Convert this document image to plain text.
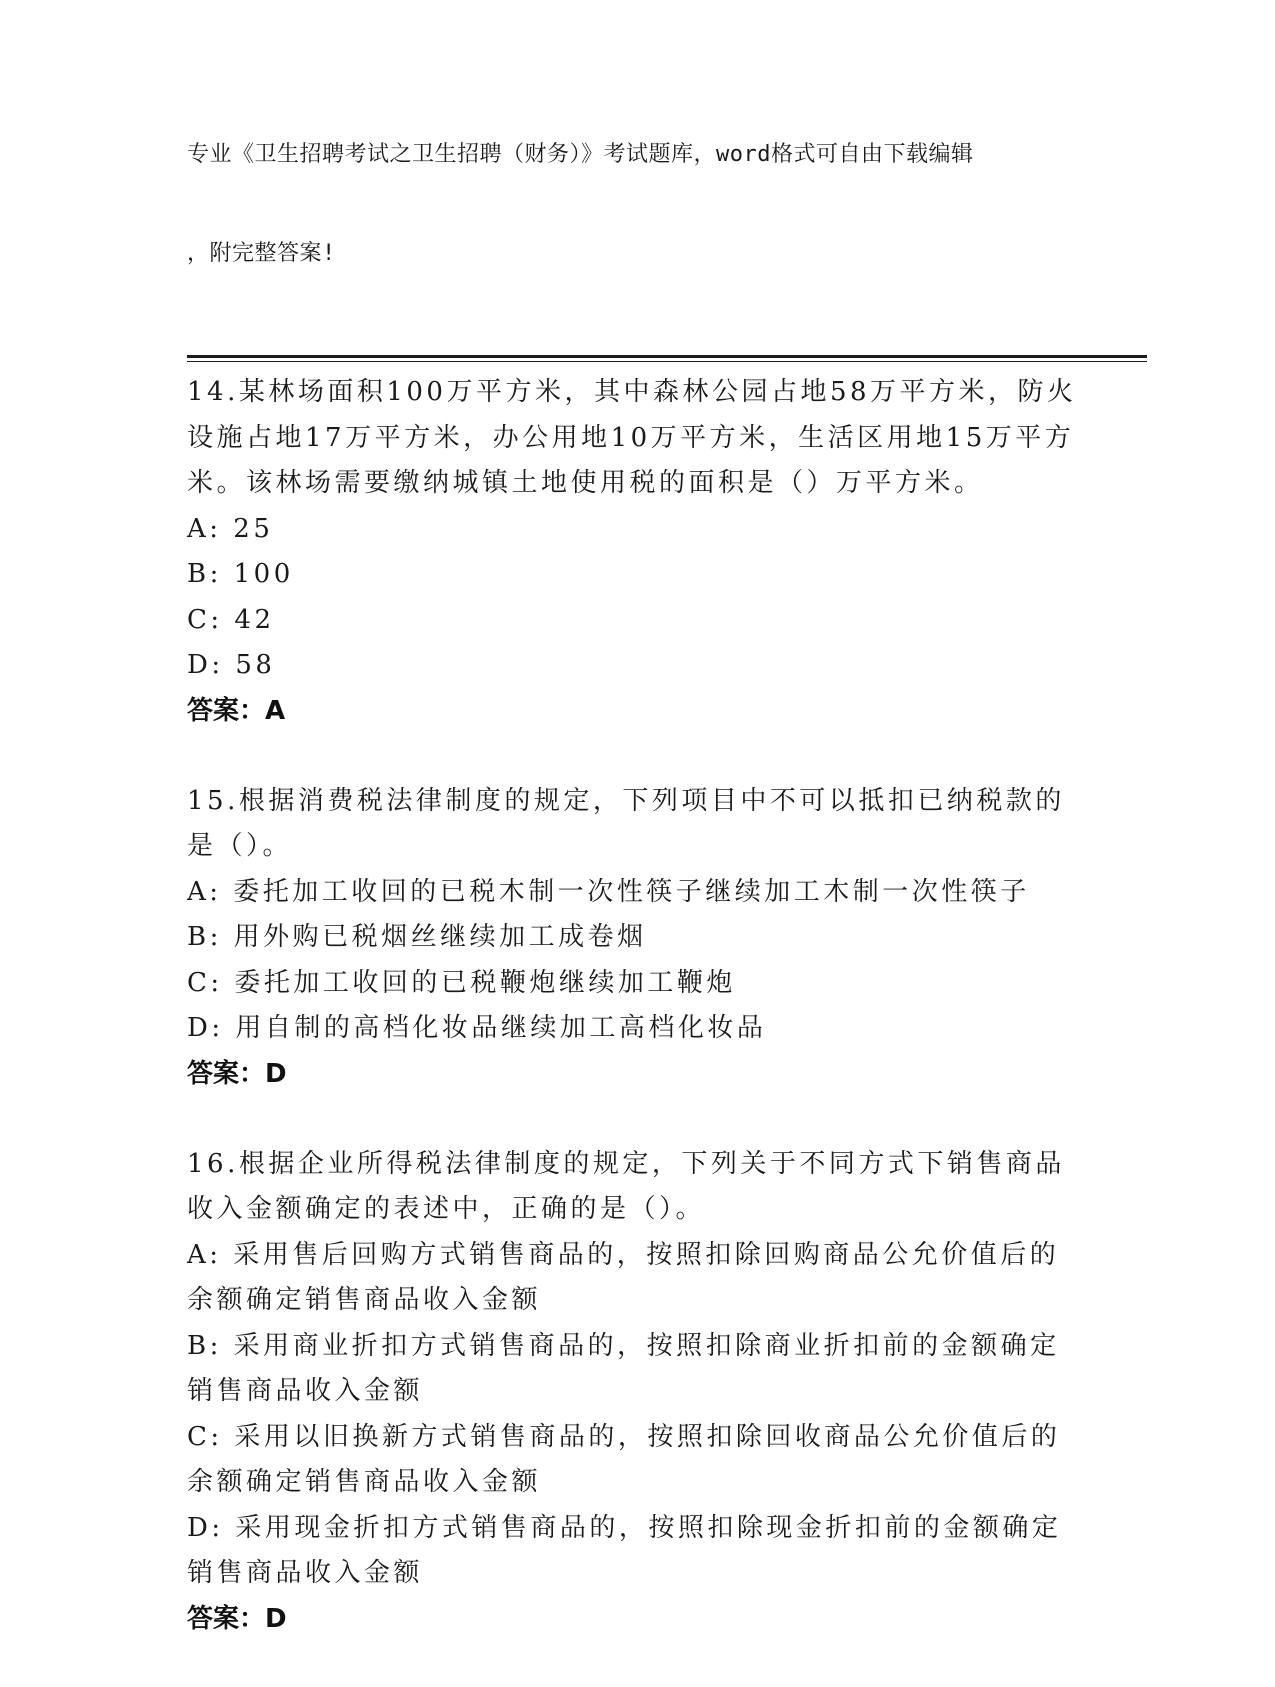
专业《卫生招聘考试之卫生招聘（财务）》考试题库，word格式可自由下载编辑

，附完整答案!

14.某林场面积100万平方米，其中森林公园占地58万平方米，防火设施占地17万平方米，办公用地10万平方米，生活区用地15万平方米。该林场需要缴纳城镇土地使用税的面积是（）万平方米。
A: 25
B: 100
C: 42
D: 58
答案：A
15.根据消费税法律制度的规定，下列项目中不可以抵扣已纳税款的是（）。
A: 委托加工收回的已税木制一次性筷子继续加工木制一次性筷子
B: 用外购已税烟丝继续加工成卷烟
C: 委托加工收回的已税鞭炮继续加工鞭炮
D: 用自制的高档化妆品继续加工高档化妆品
答案：D
16.根据企业所得税法律制度的规定，下列关于不同方式下销售商品收入金额确定的表述中，正确的是（）。
A: 采用售后回购方式销售商品的，按照扣除回购商品公允价值后的余额确定销售商品收入金额
B: 采用商业折扣方式销售商品的，按照扣除商业折扣前的金额确定销售商品收入金额
C: 采用以旧换新方式销售商品的，按照扣除回收商品公允价值后的余额确定销售商品收入金额
D: 采用现金折扣方式销售商品的，按照扣除现金折扣前的金额确定销售商品收入金额
答案：D
